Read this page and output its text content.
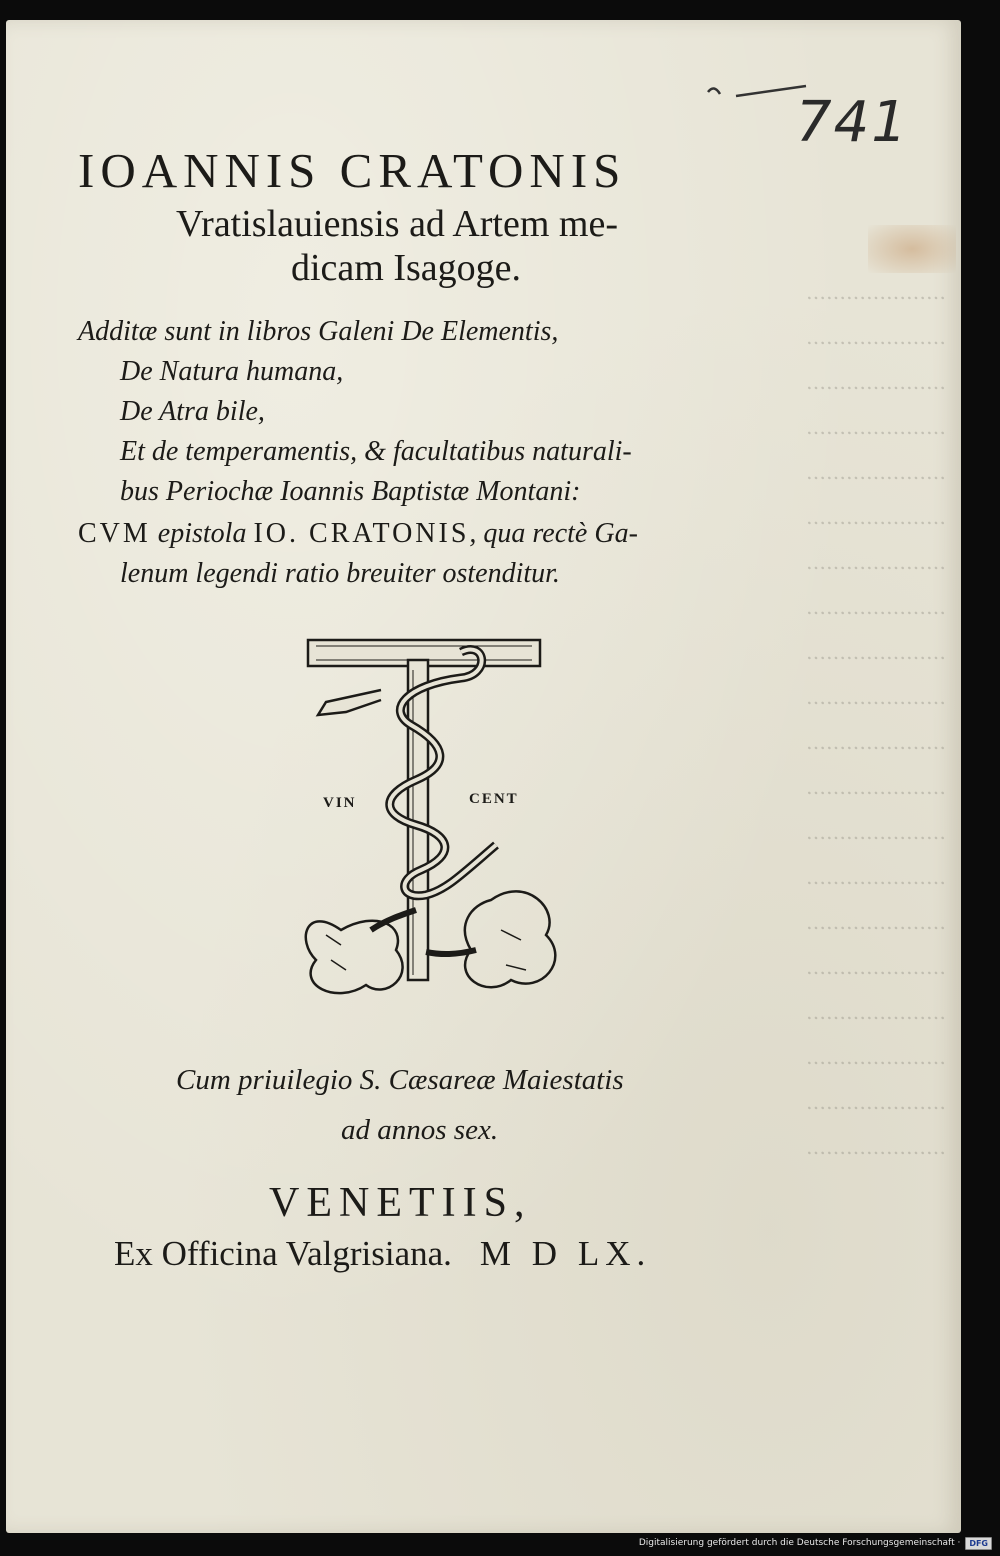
…………………
…………………
…………………
…………………
…………………
…………………
…………………
…………………
…………………
…………………
…………………
…………………
…………………
…………………
…………………
…………………
…………………
…………………
…………………
…………………
741
IOANNIS CRATONIS
Vratislauiensis ad Artem me-
dicam Isagoge.
Additæ sunt in libros Galeni De Elementis,
De Natura humana,
De Atra bile,
Et de temperamentis, & facultatibus naturali-
bus Periochæ Ioannis Baptistæ Montani:
CVM epistola IO. CRATONIS, qua rectè Ga-
lenum legendi ratio breuiter ostenditur.
VIN	CENT
Cum priuilegio S. Cæsareæ Maiestatis
ad annos sex.
VENETIIS,
Ex Officina Valgrisiana. M D LX.
Digitalisierung gefördert durch die Deutsche Forschungsgemeinschaft ·	DFG
